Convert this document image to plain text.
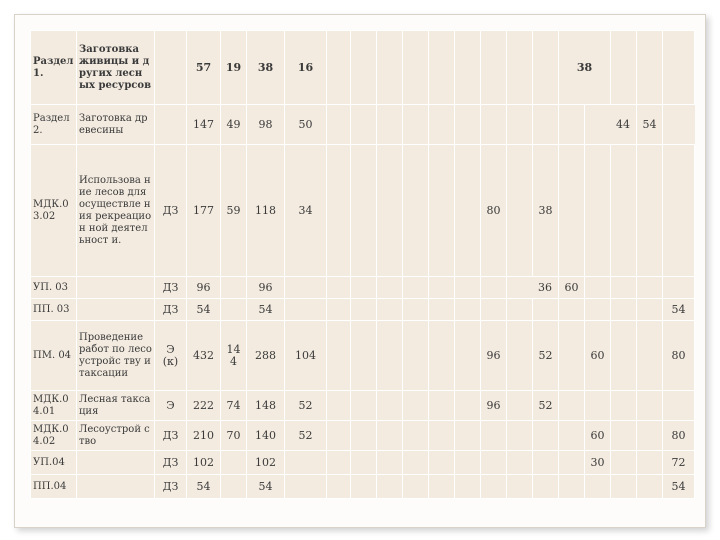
Раздел 1.	Заготовка живицы и других лесных ресурсов		57	19	38	16										38				
Раздел 2.	Заготовка древесины		147	49	98	50											44		54	
МДК.0 3.02	Использова ние лесов для осуществле ния рекреацион ной деятельност и.	ДЗ	177	59	118	34							80		38					
УП. 03		ДЗ	96		96									36		60				
ПП. 03		ДЗ	54		54															54
ПМ. 04	Проведение работ по лесоустройс тву и таксации	Э (к)	432	14 4	288	104							96		52		60			80
МДК.0 4.01	Лесная таксация	Э	222	74	148	52							96		52					
МДК.0 4.02	Лесоустрой ство	ДЗ	210	70	140	52											60			80
УП.04		ДЗ	102		102												30			72
ПП.04		ДЗ	54		54															54
